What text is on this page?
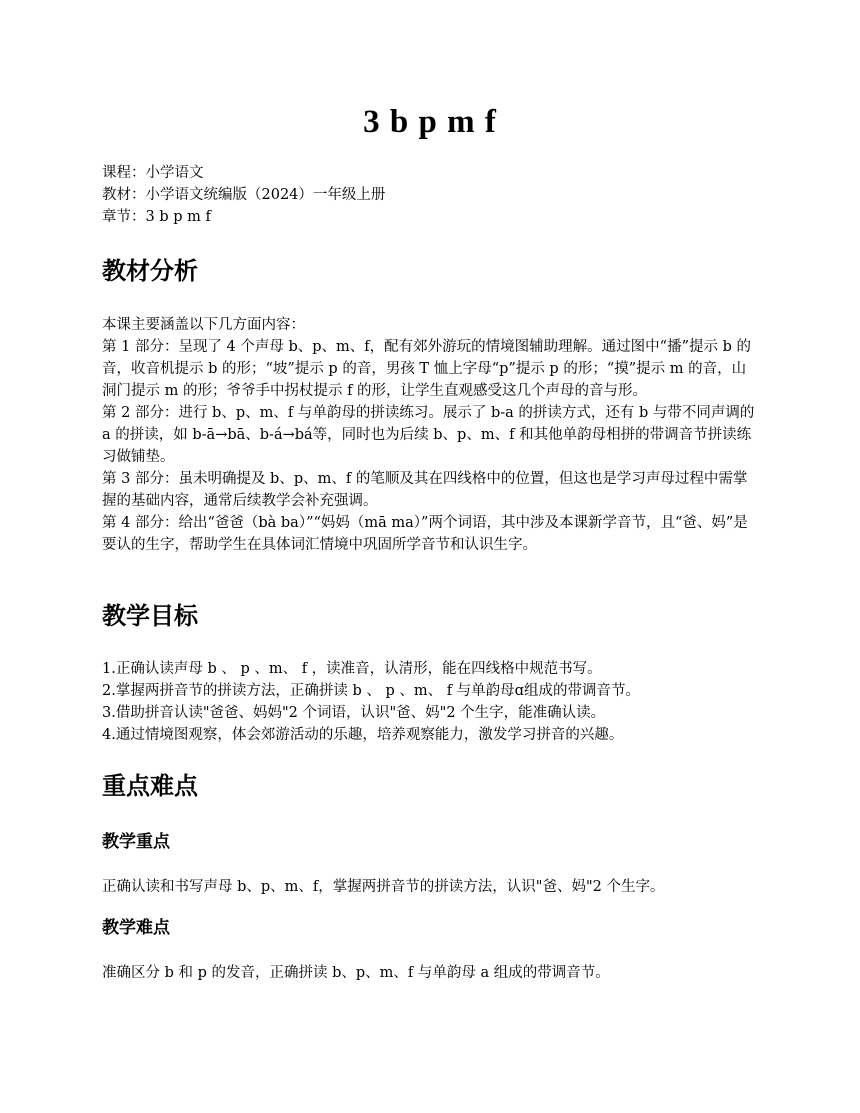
3 b p m f
课程：小学语文
教材：小学语文统编版（2024）一年级上册
章节：3 b p m f
教材分析

本课主要涵盖以下几方面内容：

第 1 部分：呈现了 4 个声母 b、p、m、f，配有郊外游玩的情境图辅助理解。通过图中“播”提示 b 的音，收音机提示 b 的形；“坡”提示 p 的音，男孩 T 恤上字母“p”提示 p 的形；“摸”提示 m 的音，山洞门提示 m 的形；爷爷手中拐杖提示 f 的形，让学生直观感受这几个声母的音与形。

第 2 部分：进行 b、p、m、f 与单韵母的拼读练习。展示了 b-a 的拼读方式，还有 b 与带不同声调的 a 的拼读，如 b-ā→bā、b-á→bá等，同时也为后续 b、p、m、f 和其他单韵母相拼的带调音节拼读练习做铺垫。

第 3 部分：虽未明确提及 b、p、m、f 的笔顺及其在四线格中的位置，但这也是学习声母过程中需掌握的基础内容，通常后续教学会补充强调。

第 4 部分：给出“爸爸（bà ba）”“妈妈（mā ma）”两个词语，其中涉及本课新学音节，且“爸、妈”是要认的生字，帮助学生在具体词汇情境中巩固所学音节和认识生字。

教学目标

1.正确认读声母 b 、 p 、m、 f ，读准音，认清形，能在四线格中规范书写。

2.掌握两拼音节的拼读方法，正确拼读 b 、 p 、m、 f 与单韵母ɑ组成的带调音节。

3.借助拼音认读"爸爸、妈妈"2 个词语，认识"爸、妈"2 个生字，能准确认读。

4.通过情境图观察，体会郊游活动的乐趣，培养观察能力，激发学习拼音的兴趣。

重点难点
教学重点
正确认读和书写声母 b、p、m、f，掌握两拼音节的拼读方法，认识"爸、妈"2 个生字。
教学难点
准确区分 b 和 p 的发音，正确拼读 b、p、m、f 与单韵母 a 组成的带调音节。
